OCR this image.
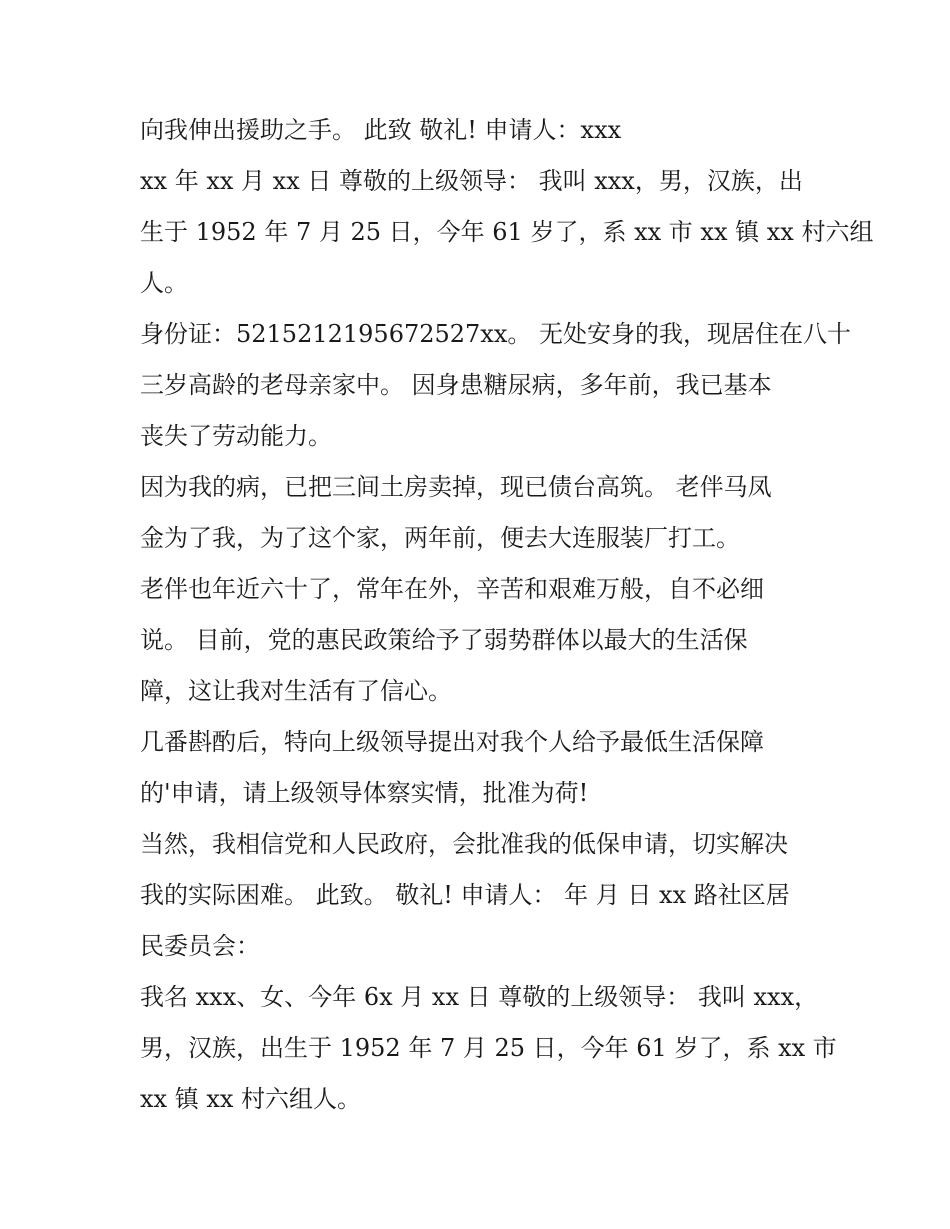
向我伸出援助之手。 此致 敬礼! 申请人：xxx
xx 年 xx 月 xx 日 尊敬的上级领导： 我叫 xxx，男，汉族，出
生于 1952 年 7 月 25 日，今年 61 岁了，系 xx 市 xx 镇 xx 村六组
人。
身份证：5215212195672527xx。 无处安身的我，现居住在八十
三岁高龄的老母亲家中。 因身患糖尿病，多年前，我已基本
丧失了劳动能力。
因为我的病，已把三间土房卖掉，现已债台高筑。 老伴马凤
金为了我，为了这个家，两年前，便去大连服装厂打工。
老伴也年近六十了，常年在外，辛苦和艰难万般，自不必细
说。 目前，党的惠民政策给予了弱势群体以最大的生活保
障，这让我对生活有了信心。
几番斟酌后，特向上级领导提出对我个人给予最低生活保障
的'申请，请上级领导体察实情，批准为荷!
当然，我相信党和人民政府，会批准我的低保申请，切实解决
我的实际困难。 此致。 敬礼! 申请人： 年 月 日 xx 路社区居
民委员会：
我名 xxx、女、今年 6x 月 xx 日 尊敬的上级领导： 我叫 xxx，
男，汉族，出生于 1952 年 7 月 25 日，今年 61 岁了，系 xx 市
xx 镇 xx 村六组人。
